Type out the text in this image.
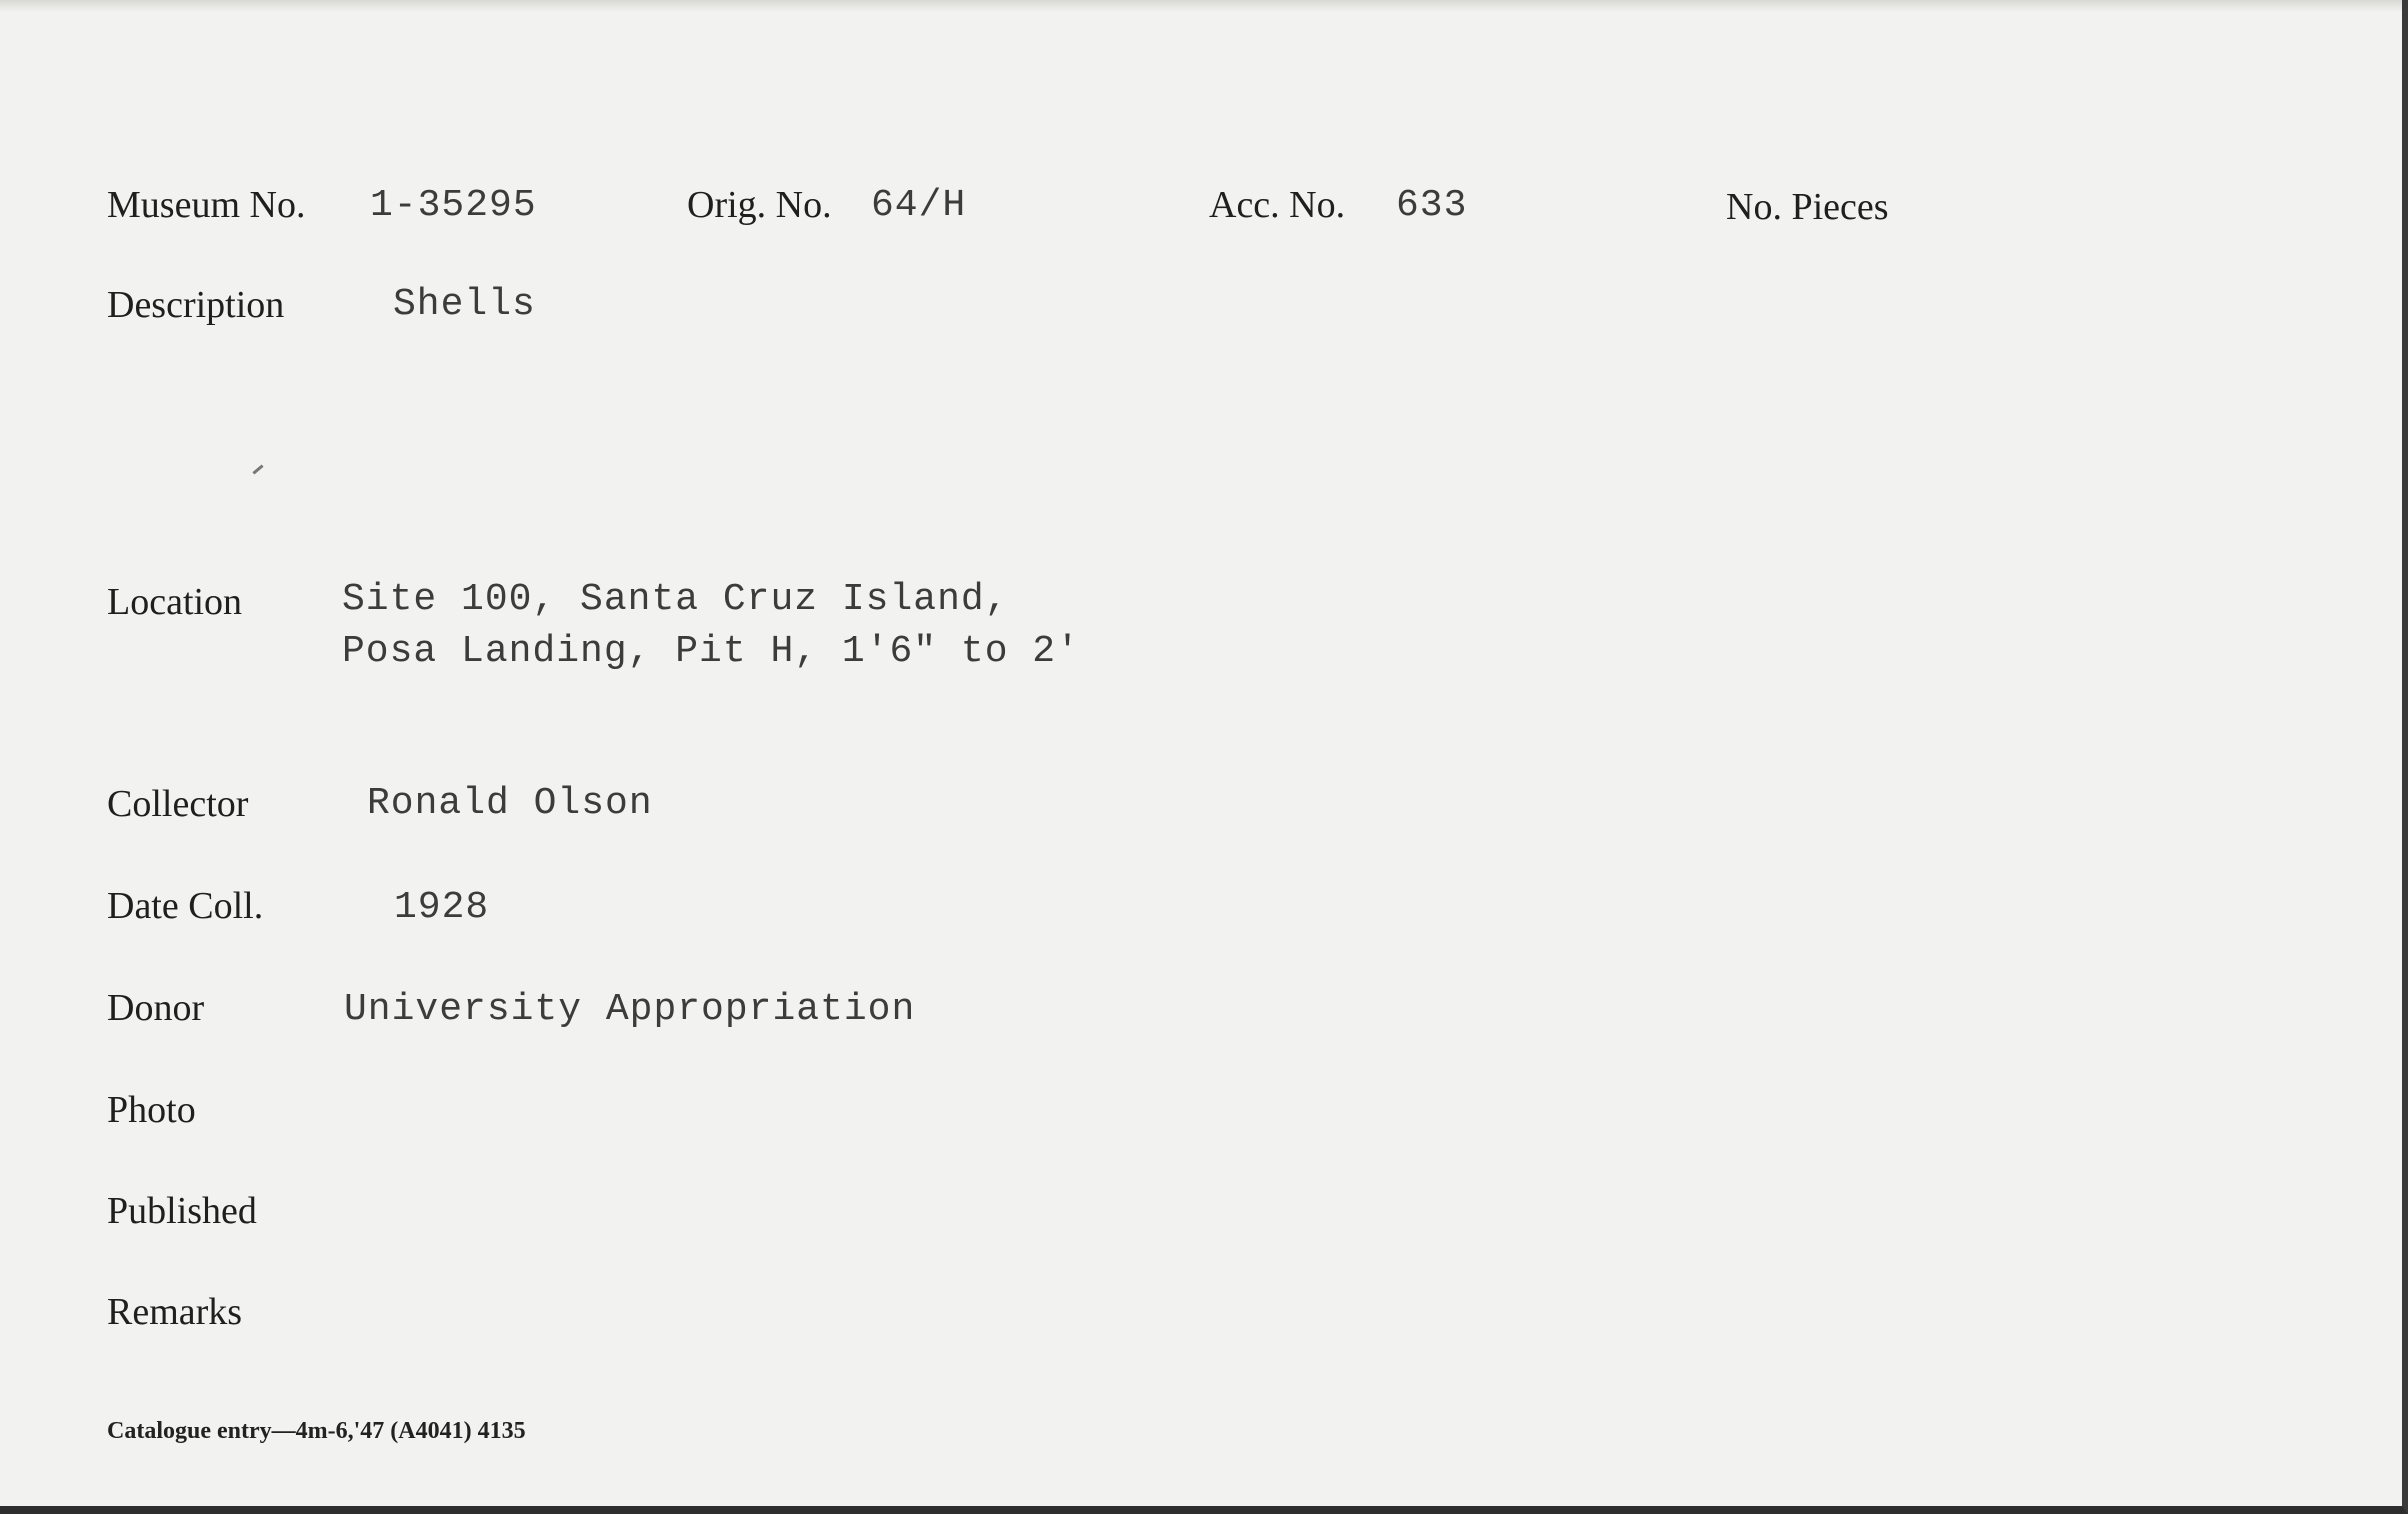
Museum No. 1-35295	Orig. No. 64/H	Acc. No. 633	No. Pieces
Description	Shells
Location	Site 100, Santa Cruz Island,
Posa Landing, Pit H, 1'6" to 2'
Collector	Ronald Olson
Date Coll.	1928
Donor	University Appropriation
Photo
Published
Remarks
Catalogue entry—4m-6,'47 (A4041) 4135
